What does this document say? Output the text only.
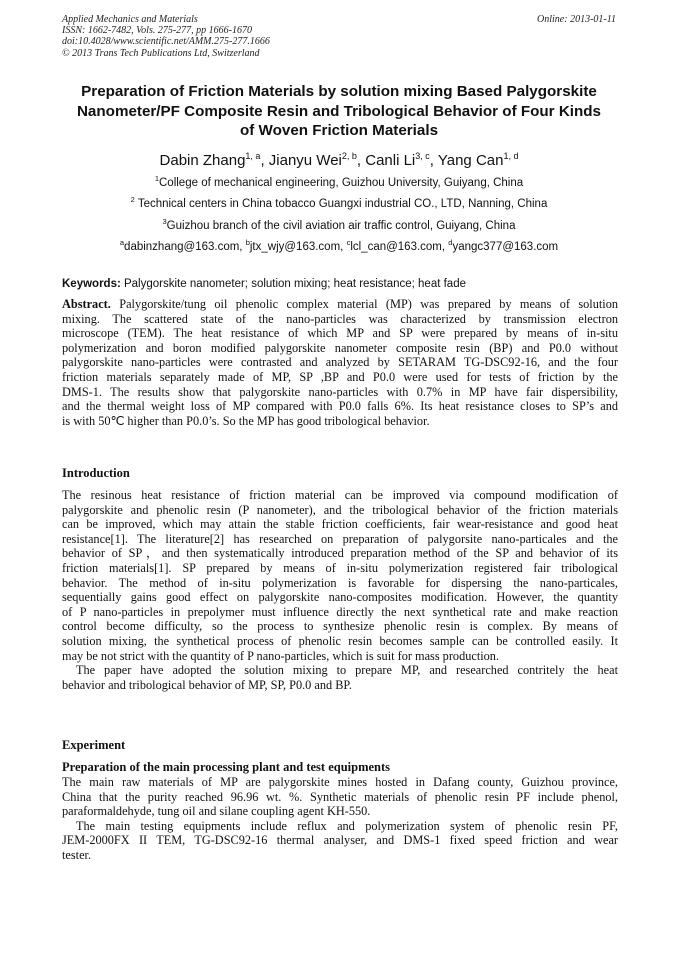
Applied Mechanics and Materials
ISSN: 1662-7482, Vols. 275-277, pp 1666-1670
doi:10.4028/www.scientific.net/AMM.275-277.1666
© 2013 Trans Tech Publications Ltd, Switzerland
Online: 2013-01-11
Preparation of Friction Materials by solution mixing Based Palygorskite
Nanometer/PF Composite Resin and Tribological Behavior of Four Kinds
of Woven Friction Materials
Dabin Zhang$^{1, a}$, Jianyu Wei$^{2, b}$, Canli Li$^{3, c}$, Yang Can$^{1, d}$
$^1$College of mechanical engineering, Guizhou University, Guiyang, China
$^2$ Technical centers in China tobacco Guangxi industrial CO., LTD, Nanning, China
$^3$Guizhou branch of the civil aviation air traffic control, Guiyang, China
$^a$dabinzhang@163.com, $^b$jtx_wjy@163.com, $^c$lcl_can@163.com, $^d$yangc377@163.com
Keywords: Palygorskite nanometer; solution mixing; heat resistance; heat fade
Abstract. Palygorskite/tung oil phenolic complex material (MP) was prepared by means of solution
mixing. The scattered state of the nano-particles was characterized by transmission electron
microscope (TEM). The heat resistance of which MP and SP were prepared by means of in-situ
polymerization and boron modified palygorskite nanometer composite resin (BP) and P0.0 without
palygorskite nano-particles were contrasted and analyzed by SETARAM TG-DSC92-16, and the four
friction materials separately made of MP, SP ,BP and P0.0 were used for tests of friction by the
DMS-1. The results show that palygorskite nano-particles with 0.7% in MP have fair dispersibility,
and the thermal weight loss of MP compared with P0.0 falls 6%. Its heat resistance closes to SP’s and
is with 50℃ higher than P0.0’s. So the MP has good tribological behavior.
Introduction
The resinous heat resistance of friction material can be improved via compound modification of
palygorskite and phenolic resin (P nanometer), and the tribological behavior of the friction materials
can be improved, which may attain the stable friction coefficients, fair wear-resistance and good heat
resistance[1]. The literature[2] has researched on preparation of palygorsite nano-particales and the
behavior of SP，and then systematically introduced preparation method of the SP and behavior of its
friction materials[1]. SP prepared by means of in-situ polymerization registered fair tribological
behavior. The method of in-situ polymerization is favorable for dispersing the nano-particales,
sequentially gains good effect on palygorskite nano-composites modification. However, the quantity
of P nano-particles in prepolymer must influence directly the next synthetical rate and make reaction
control become difficulty, so the process to synthesize phenolic resin is complex. By means of
solution mixing, the synthetical process of phenolic resin becomes sample can be controlled easily. It
may be not strict with the quantity of P nano-particles, which is suit for mass production.
The paper have adopted the solution mixing to prepare MP, and researched contritely the heat
behavior and tribological behavior of MP, SP, P0.0 and BP.
Experiment
Preparation of the main processing plant and test equipments
The main raw materials of MP are palygorskite mines hosted in Dafang county, Guizhou province,
China that the purity reached 96.96 wt. %. Synthetic materials of phenolic resin PF include phenol,
paraformaldehyde, tung oil and silane coupling agent KH-550.
The main testing equipments include reflux and polymerization system of phenolic resin PF,
JEM-2000FX II TEM, TG-DSC92-16 thermal analyser, and DMS-1 fixed speed friction and wear
tester.
